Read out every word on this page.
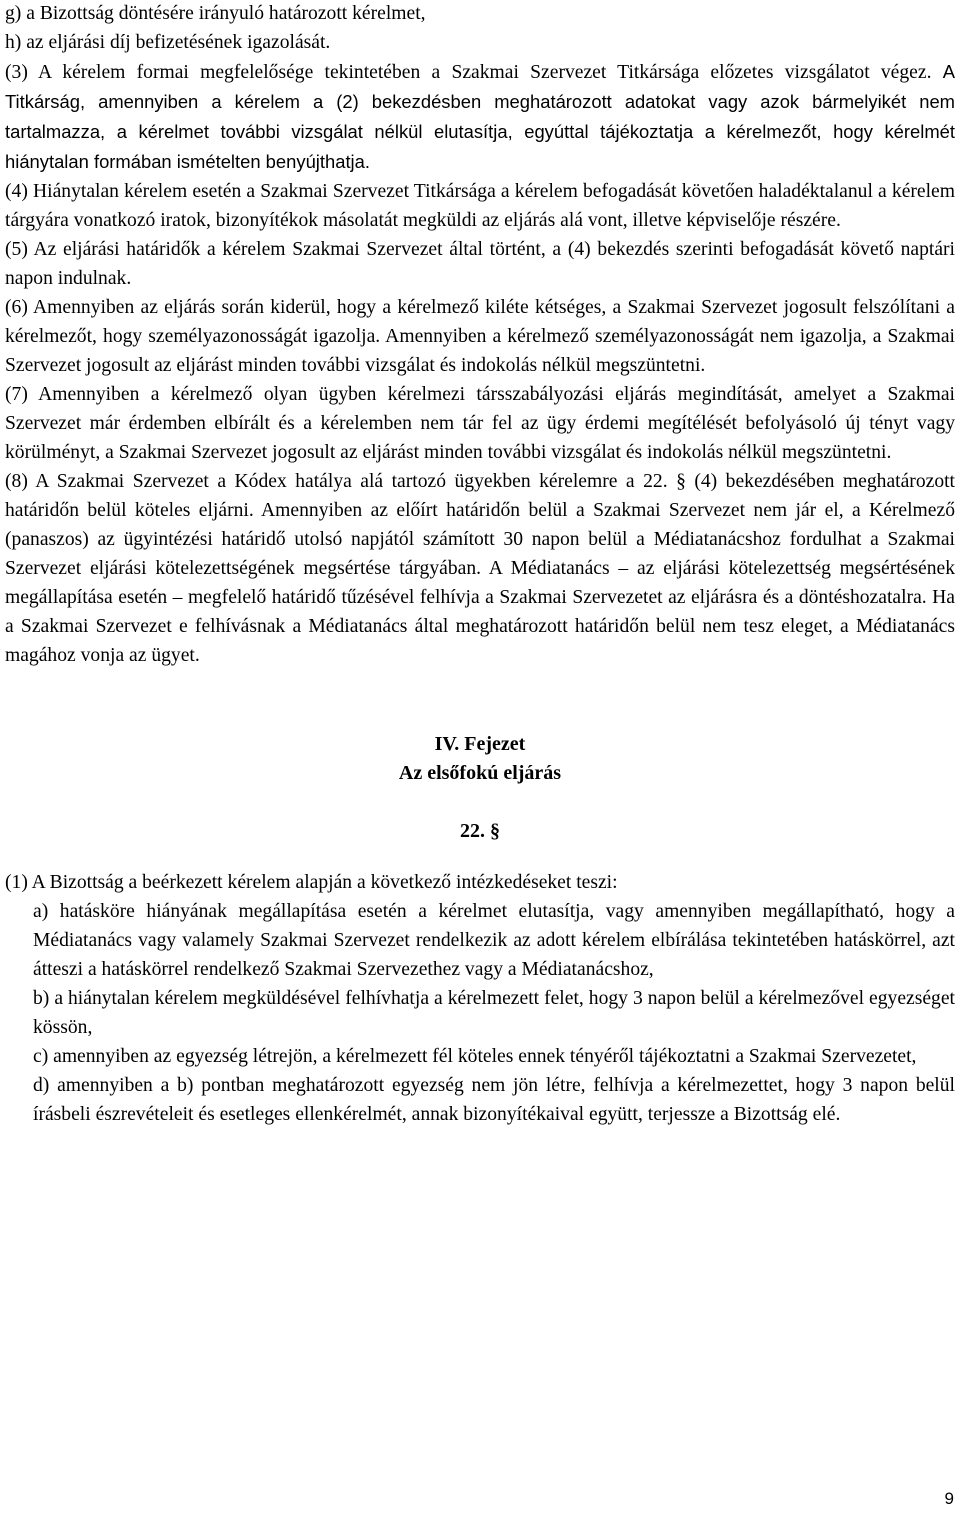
g) a Bizottság döntésére irányuló határozott kérelmet,

h) az eljárási díj befizetésének igazolását.

(3) A kérelem formai megfelelősége tekintetében a Szakmai Szervezet Titkársága előzetes vizsgálatot végez. A Titkárság, amennyiben a kérelem a (2) bekezdésben meghatározott adatokat vagy azok bármelyikét nem tartalmazza, a kérelmet további vizsgálat nélkül elutasítja, egyúttal tájékoztatja a kérelmezőt, hogy kérelmét hiánytalan formában ismételten benyújthatja.

(4) Hiánytalan kérelem esetén a Szakmai Szervezet Titkársága a kérelem befogadását követően haladéktalanul a kérelem tárgyára vonatkozó iratok, bizonyítékok másolatát megküldi az eljárás alá vont, illetve képviselője részére.

(5) Az eljárási határidők a kérelem Szakmai Szervezet által történt, a (4) bekezdés szerinti befogadását követő naptári napon indulnak.

(6) Amennyiben az eljárás során kiderül, hogy a kérelmező kiléte kétséges, a Szakmai Szervezet jogosult felszólítani a kérelmezőt, hogy személyazonosságát igazolja. Amennyiben a kérelmező személyazonosságát nem igazolja, a Szakmai Szervezet jogosult az eljárást minden további vizsgálat és indokolás nélkül megszüntetni.

(7) Amennyiben a kérelmező olyan ügyben kérelmezi társszabályozási eljárás megindítását, amelyet a Szakmai Szervezet már érdemben elbírált és a kérelemben nem tár fel az ügy érdemi megítélését befolyásoló új tényt vagy körülményt, a Szakmai Szervezet jogosult az eljárást minden további vizsgálat és indokolás nélkül megszüntetni.

(8) A Szakmai Szervezet a Kódex hatálya alá tartozó ügyekben kérelemre a 22. § (4) bekezdésében meghatározott határidőn belül köteles eljárni. Amennyiben az előírt határidőn belül a Szakmai Szervezet nem jár el, a Kérelmező (panaszos) az ügyintézési határidő utolsó napjától számított 30 napon belül a Médiatanácshoz fordulhat a Szakmai Szervezet eljárási kötelezettségének megsértése tárgyában. A Médiatanács – az eljárási kötelezettség megsértésének megállapítása esetén – megfelelő határidő tűzésével felhívja a Szakmai Szervezetet az eljárásra és a döntéshozatalra. Ha a Szakmai Szervezet e felhívásnak a Médiatanács által meghatározott határidőn belül nem tesz eleget, a Médiatanács magához vonja az ügyet.

IV. Fejezet
Az elsőfokú eljárás
22. §

(1) A Bizottság a beérkezett kérelem alapján a következő intézkedéseket teszi:

a) hatásköre hiányának megállapítása esetén a kérelmet elutasítja, vagy amennyiben megállapítható, hogy a Médiatanács vagy valamely Szakmai Szervezet rendelkezik az adott kérelem elbírálása tekintetében hatáskörrel, azt átteszi a hatáskörrel rendelkező Szakmai Szervezethez vagy a Médiatanácshoz,

b) a hiánytalan kérelem megküldésével felhívhatja a kérelmezett felet, hogy 3 napon belül a kérelmezővel egyezséget kössön,

c) amennyiben az egyezség létrejön, a kérelmezett fél köteles ennek tényéről tájékoztatni a Szakmai Szervezetet,

d) amennyiben a b) pontban meghatározott egyezség nem jön létre, felhívja a kérelmezettet, hogy 3 napon belül írásbeli észrevételeit és esetleges ellenkérelmét, annak bizonyítékaival együtt, terjessze a Bizottság elé.

9
